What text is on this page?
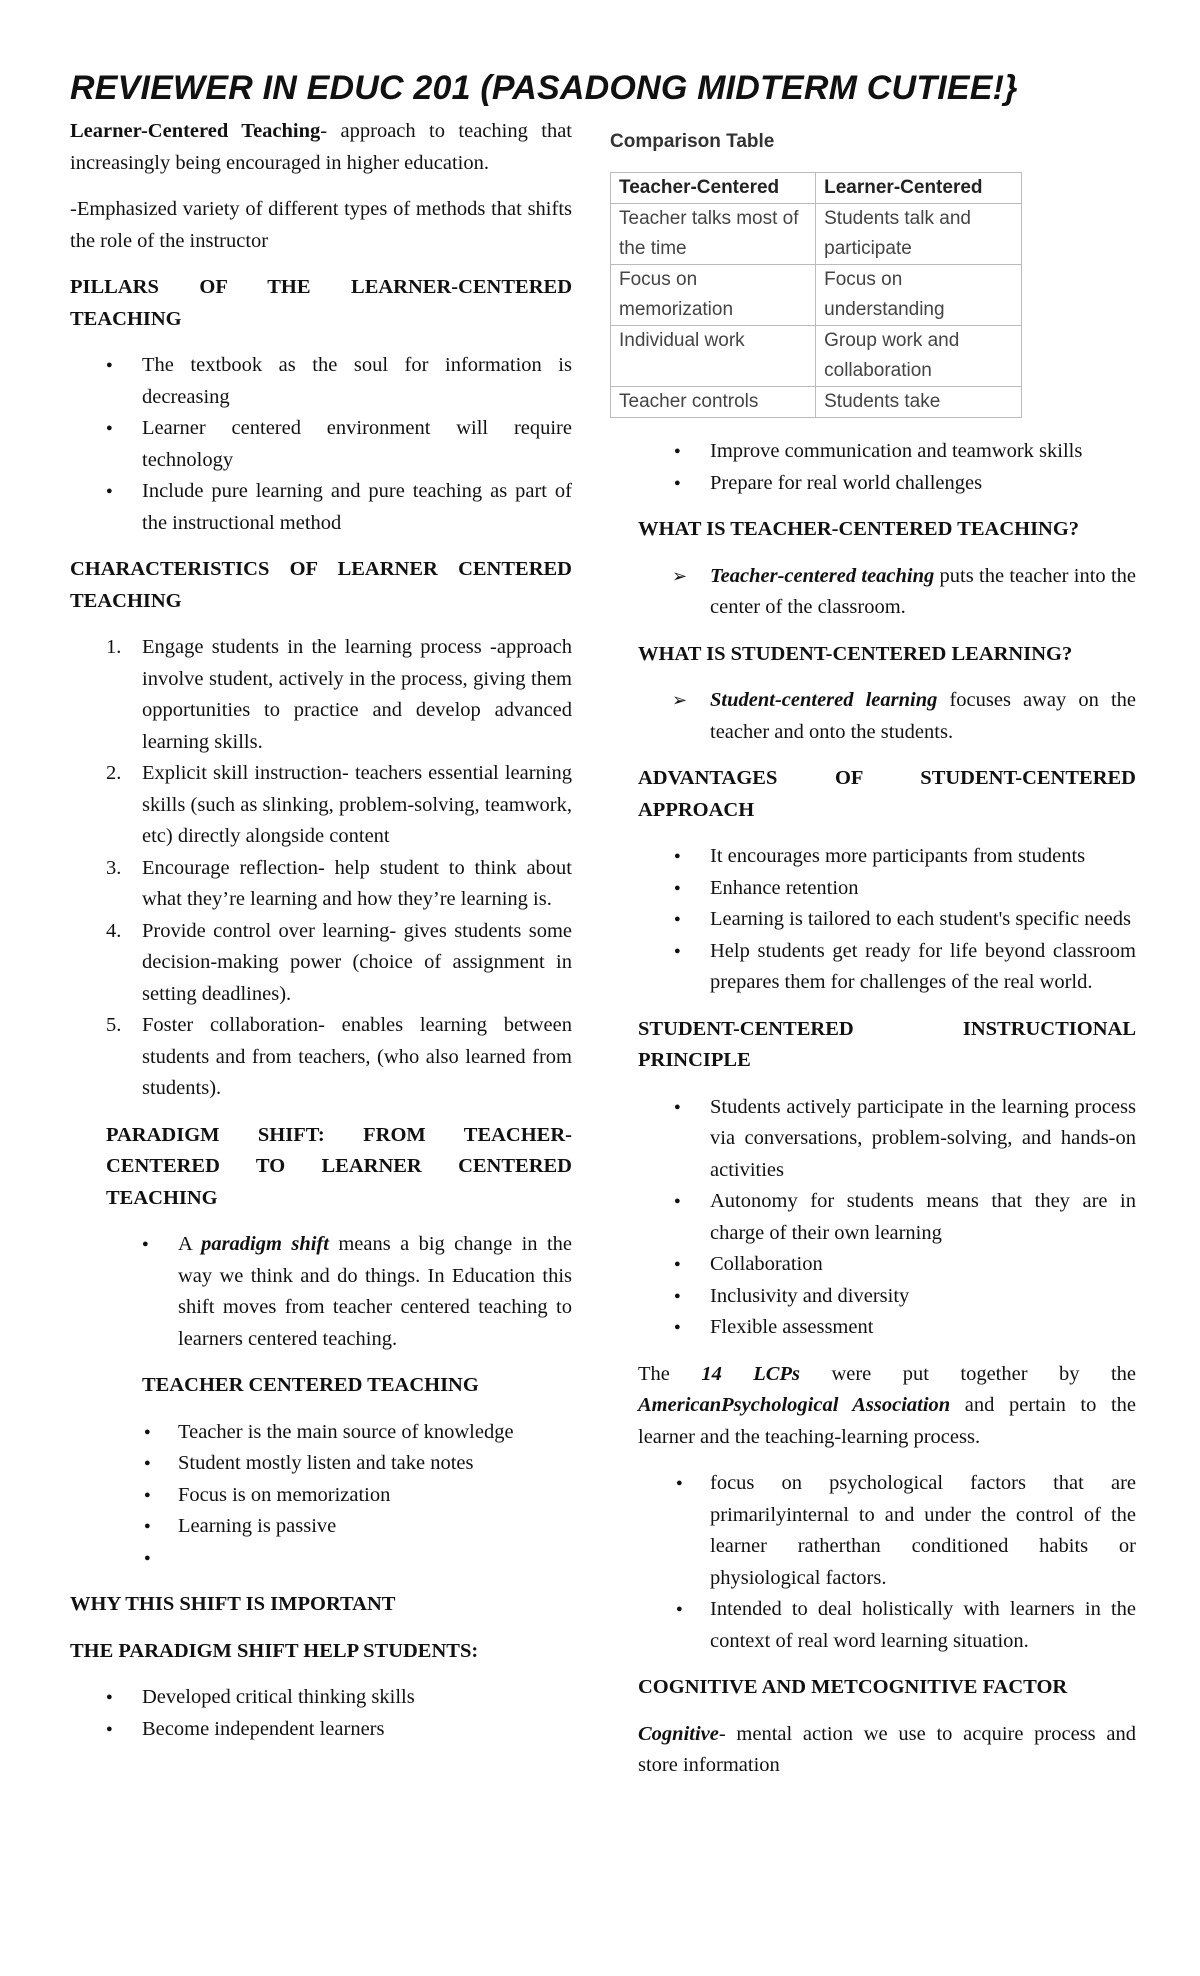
REVIEWER IN EDUC 201 (PASADONG MIDTERM CUTIEE!}

Learner-Centered Teaching- approach to teaching that increasingly being encouraged in higher education.

-Emphasized variety of different types of methods that shifts the role of the instructor

PILLARS OF THE LEARNER-CENTERED TEACHING
● The textbook as the soul for information is decreasing
● Learner centered environment will require technology
● Include pure learning and pure teaching as part of the instructional method
CHARACTERISTICS OF LEARNER CENTERED TEACHING
Engage students in the learning process -approach involve student, actively in the process, giving them opportunities to practice and develop advanced learning skills.
Explicit skill instruction- teachers essential learning skills (such as slinking, problem-solving, teamwork, etc) directly alongside content
Encourage reflection- help student to think about what they’re learning and how they’re learning is.
Provide control over learning- gives students some decision-making power (choice of assignment in setting deadlines).
Foster collaboration- enables learning between students and from teachers, (who also learned from students).
PARADIGM SHIFT: FROM TEACHER-CENTERED TO LEARNER CENTERED TEACHING
● A paradigm shift means a big change in the way we think and do things. In Education this shift moves from teacher centered teaching to learners centered teaching.
TEACHER CENTERED TEACHING
● Teacher is the main source of knowledge
● Student mostly listen and take notes
● Focus is on memorization
● Learning is passive
●
WHY THIS SHIFT IS IMPORTANT
THE PARADIGM SHIFT HELP STUDENTS:
● Developed critical thinking skills
● Become independent learners
Comparison Table
Teacher-Centered	Learner-Centered
Teacher talks most of the time	Students talk and participate
Focus on memorization	Focus on understanding
Individual work	Group work and collaboration
Teacher controls	Students take
● Improve communication and teamwork skills
● Prepare for real world challenges
WHAT IS TEACHER-CENTERED TEACHING?
➢ Teacher-centered teaching puts the teacher into the center of the classroom.
WHAT IS STUDENT-CENTERED LEARNING?
➢ Student-centered learning focuses away on the teacher and onto the students.
ADVANTAGES OF STUDENT-CENTERED APPROACH
● It encourages more participants from students
● Enhance retention
● Learning is tailored to each student's specific needs
● Help students get ready for life beyond classroom prepares them for challenges of the real world.
STUDENT-CENTERED INSTRUCTIONAL PRINCIPLE
● Students actively participate in the learning process via conversations, problem-solving, and hands-on activities
● Autonomy for students means that they are in charge of their own learning
● Collaboration
● Inclusivity and diversity
● Flexible assessment

The 14 LCPs were put together by the AmericanPsychological Association and pertain to the learner and the teaching-learning process.

● focus on psychological factors that are primarilyinternal to and under the control of the learner ratherthan conditioned habits or physiological factors.
● Intended to deal holistically with learners in the context of real word learning situation.
COGNITIVE AND METCOGNITIVE FACTOR

Cognitive- mental action we use to acquire process and store information
